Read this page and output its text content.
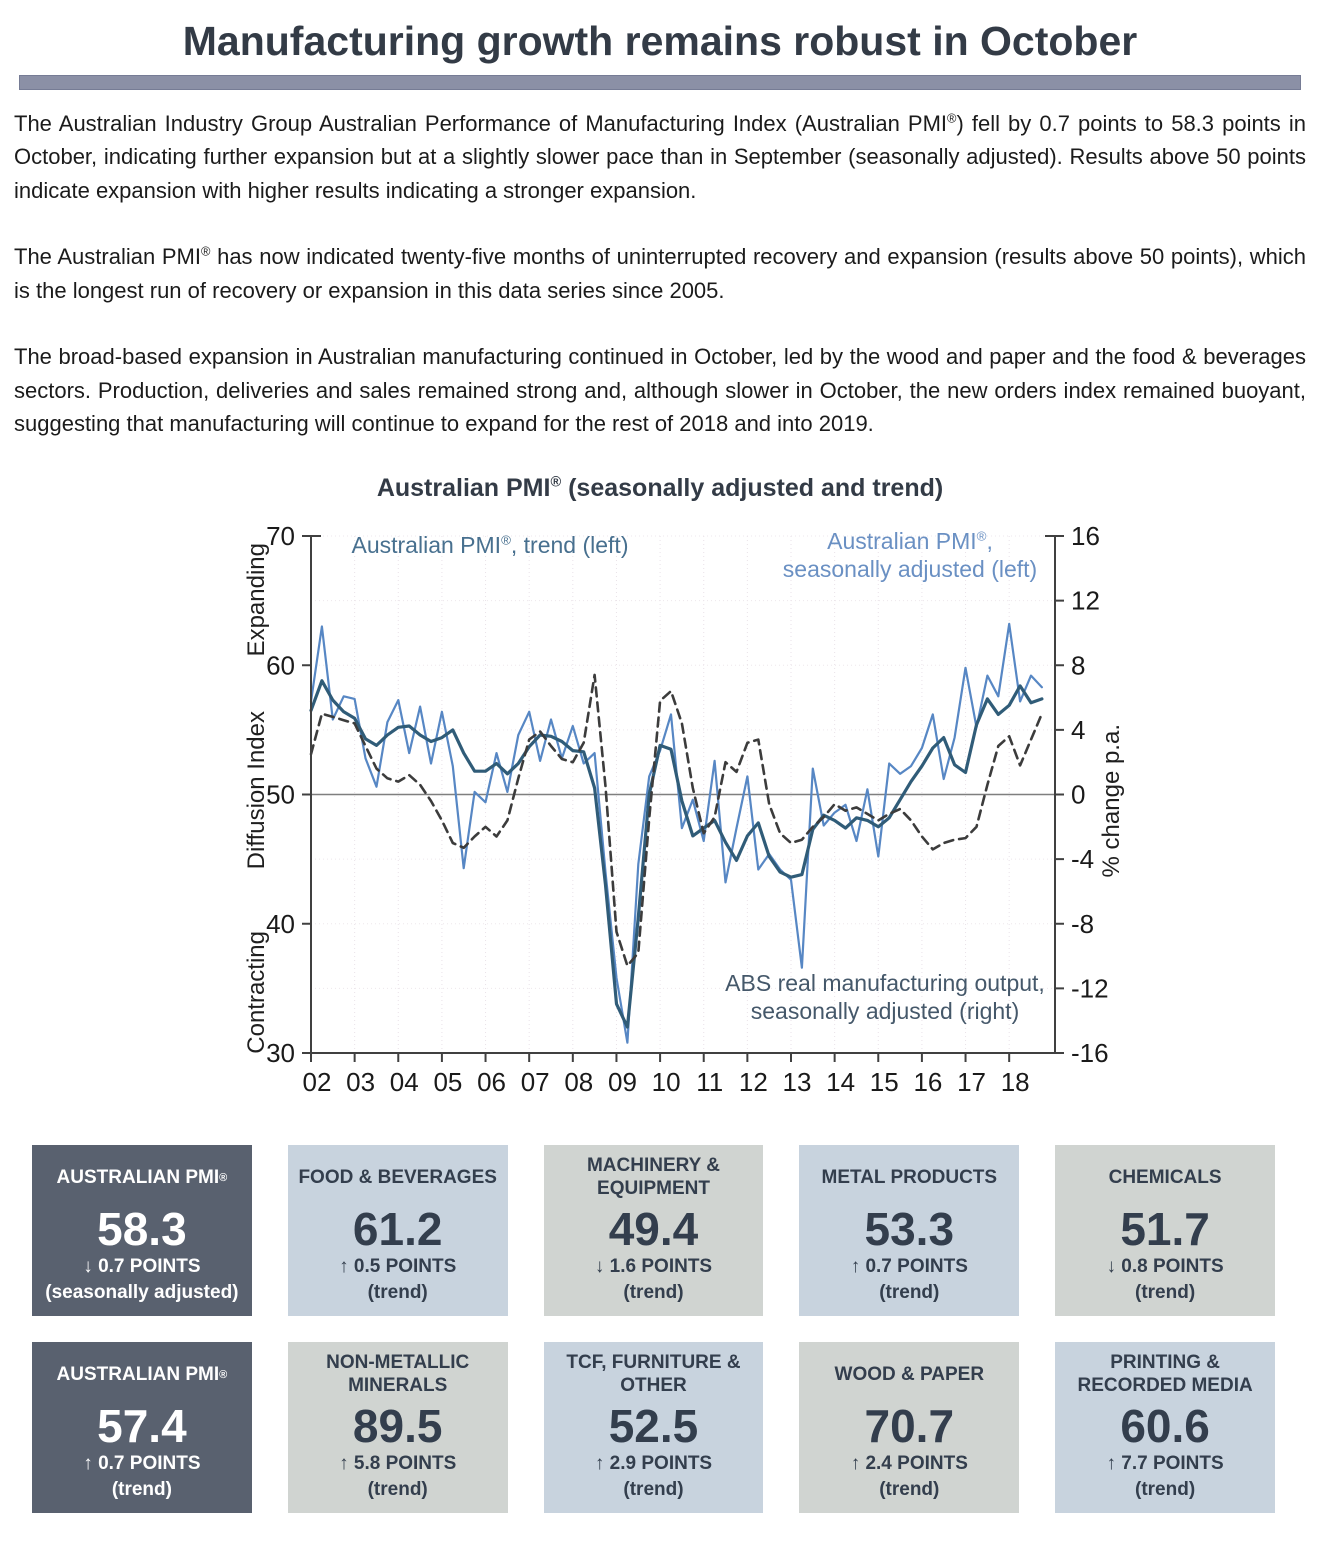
Manufacturing growth remains robust in October

The Australian Industry Group Australian Performance of Manufacturing Index (Australian PMI®) fell by 0.7 points to 58.3 points in October, indicating further expansion but at a slightly slower pace than in September (seasonally adjusted). Results above 50 points indicate expansion with higher results indicating a stronger expansion.

The Australian PMI® has now indicated twenty-five months of uninterrupted recovery and expansion (results above 50 points), which is the longest run of recovery or expansion in this data series since 2005.

The broad-based expansion in Australian manufacturing continued in October, led by the wood and paper and the food & beverages sectors. Production, deliveries and sales remained strong and, although slower in October, the new orders index remained buoyant, suggesting that manufacturing will continue to expand for the rest of 2018 and into 2019.

Australian PMI® (seasonally adjusted and trend)
Expanding
Diffusion Index
Contracting
% change p.a.
30
40
50
60
70
-16
-12
-8
-4
0
4
8
12
16
02 03 04 05 06 07 08 09 10 11 12 13 14 15 16 17 18
Australian PMI®, trend (left)	Australian PMI®,
seasonally adjusted (left)
ABS real manufacturing output,
seasonally adjusted (right)
AUSTRALIAN PMI ®
58.3
↓ 0.7 POINTS
(seasonally adjusted)
FOOD & BEVERAGES
61.2
↑ 0.5 POINTS
(trend)
MACHINERY & EQUIPMENT
49.4
↓ 1.6 POINTS
(trend)
METAL PRODUCTS
53.3
↑ 0.7 POINTS
(trend)
CHEMICALS
51.7
↓ 0.8 POINTS
(trend)
AUSTRALIAN PMI ®
57.4
↑ 0.7 POINTS
(trend)
NON-METALLIC MINERALS
89.5
↑ 5.8 POINTS
(trend)
TCF, FURNITURE & OTHER
52.5
↑ 2.9 POINTS
(trend)
WOOD & PAPER
70.7
↑ 2.4 POINTS
(trend)
PRINTING & RECORDED MEDIA
60.6
↑ 7.7 POINTS
(trend)
